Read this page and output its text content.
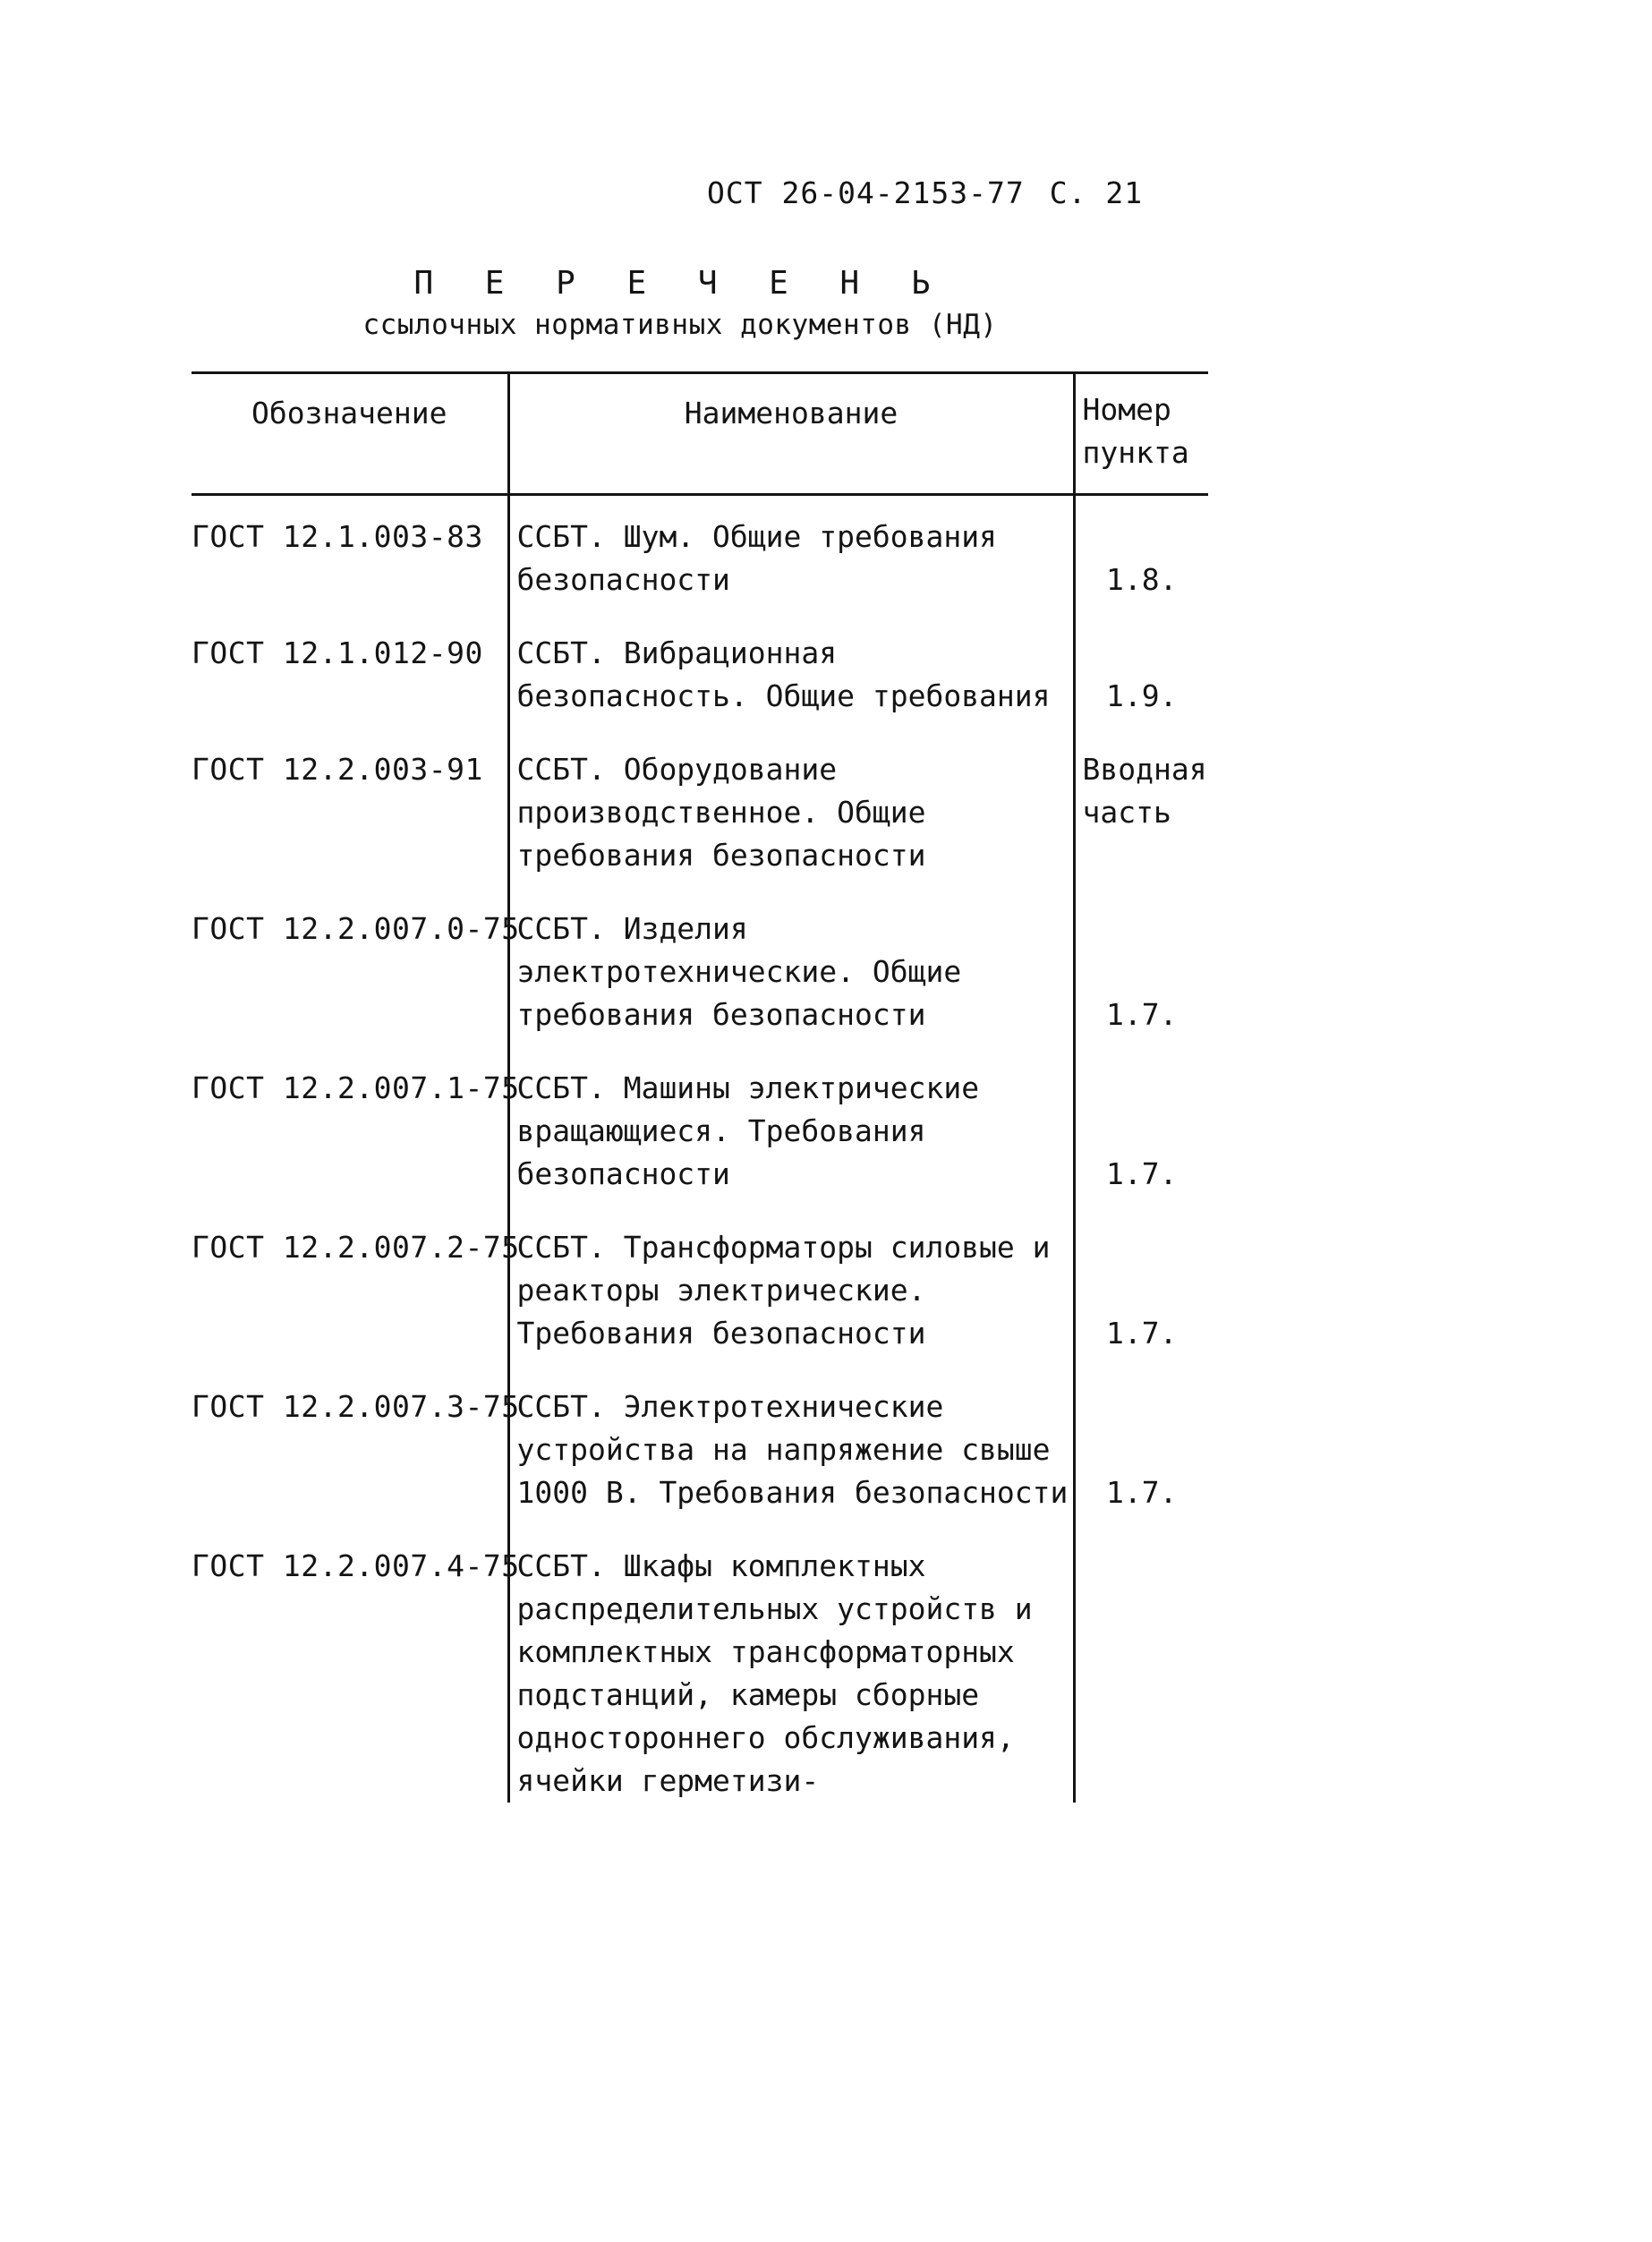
ОСТ 26-04-2153-77 С. 21
П Е Р Е Ч Е Н Ь
ссылочных нормативных документов (НД)
Обозначение	Наименование	Номер пункта

ГОСТ 12.1.003-83	ССБТ. Шум. Общие требования безопасности	1.8.

ГОСТ 12.1.012-90	ССБТ. Вибрационная безопасность. Общие требования	1.9.

ГОСТ 12.2.003-91	ССБТ. Оборудование производственное. Общие требования безопасности	Вводная часть

ГОСТ 12.2.007.0-75	ССБТ. Изделия электротехнические. Общие требования безопасности	1.7.

ГОСТ 12.2.007.1-75	ССБТ. Машины электрические вращающиеся. Требования безопасности	1.7.

ГОСТ 12.2.007.2-75	ССБТ. Трансформаторы силовые и реакторы электрические. Требования безопасности	1.7.

ГОСТ 12.2.007.3-75	ССБТ. Электротехнические устройства на напряжение свыше 1000 В. Требования безопасности	1.7.

ГОСТ 12.2.007.4-75	ССБТ. Шкафы комплектных распределительных устройств и комплектных трансформаторных подстанций, камеры сборные одностороннего обслуживания, ячейки герметизи-	
